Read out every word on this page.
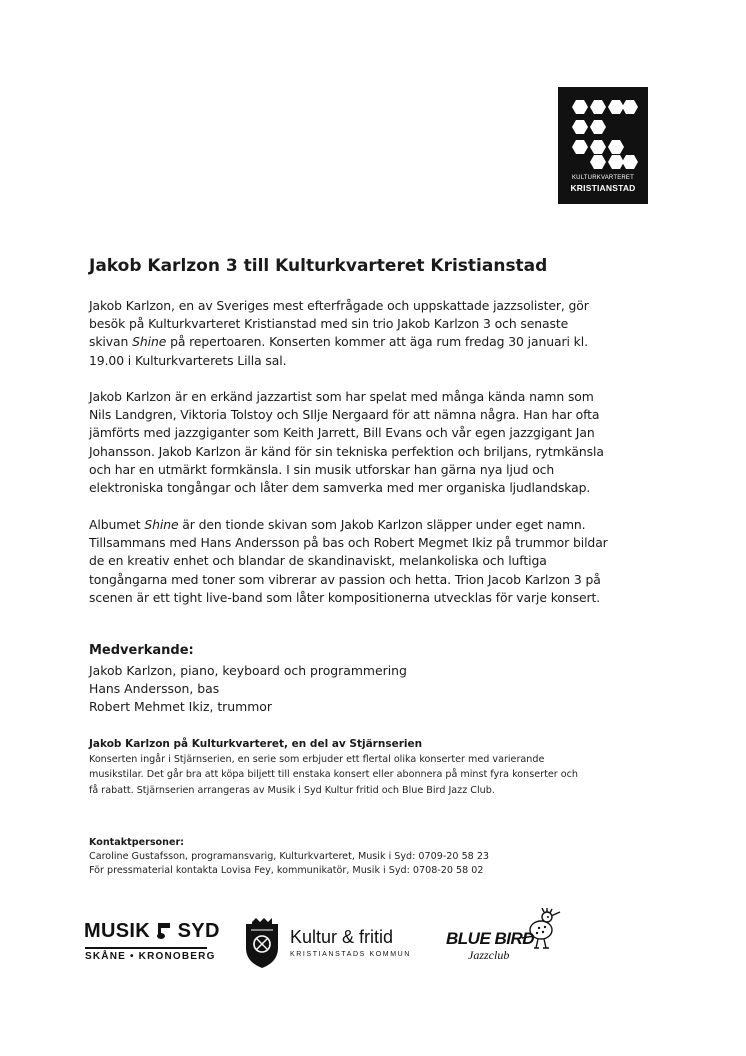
KULTURKVARTERET
KRISTIANSTAD
Jakob Karlzon 3 till Kulturkvarteret Kristianstad

Jakob Karlzon, en av Sveriges mest efterfrågade och uppskattade jazzsolister, gör
besök på Kulturkvarteret Kristianstad med sin trio Jakob Karlzon 3 och senaste
skivan Shine på repertoaren. Konserten kommer att äga rum fredag 30 januari kl.
19.00 i Kulturkvarterets Lilla sal.

Jakob Karlzon är en erkänd jazzartist som har spelat med många kända namn som
Nils Landgren, Viktoria Tolstoy och SIlje Nergaard för att nämna några. Han har ofta
jämförts med jazzgiganter som Keith Jarrett, Bill Evans och vår egen jazzgigant Jan
Johansson. Jakob Karlzon är känd för sin tekniska perfektion och briljans, rytmkänsla
och har en utmärkt formkänsla. I sin musik utforskar han gärna nya ljud och
elektroniska tongångar och låter dem samverka med mer organiska ljudlandskap.

Albumet Shine är den tionde skivan som Jakob Karlzon släpper under eget namn.
Tillsammans med Hans Andersson på bas och Robert Megmet Ikiz på trummor bildar
de en kreativ enhet och blandar de skandinaviskt, melankoliska och luftiga
tongångarna med toner som vibrerar av passion och hetta. Trion Jacob Karlzon 3 på
scenen är ett tight live-band som låter kompositionerna utvecklas för varje konsert.

Medverkande:
Jakob Karlzon, piano, keyboard och programmering
Hans Andersson, bas
Robert Mehmet Ikiz, trummor
Jakob Karlzon på Kulturkvarteret, en del av Stjärnserien
Konserten ingår i Stjärnserien, en serie som erbjuder ett flertal olika konserter med varierande
musikstilar. Det går bra att köpa biljett till enstaka konsert eller abonnera på minst fyra konserter och
få rabatt. Stjärnserien arrangeras av Musik i Syd Kultur fritid och Blue Bird Jazz Club.
Kontaktpersoner:
Caroline Gustafsson, programansvarig, Kulturkvarteret, Musik i Syd: 0709-20 58 23
För pressmaterial kontakta Lovisa Fey, kommunikatör, Musik i Syd: 0708-20 58 02
MUSIK SYD
SKÅNE • KRONOBERG
Kultur & fritid
KRISTIANSTADS KOMMUN
BLUE BIRD
Jazzclub
